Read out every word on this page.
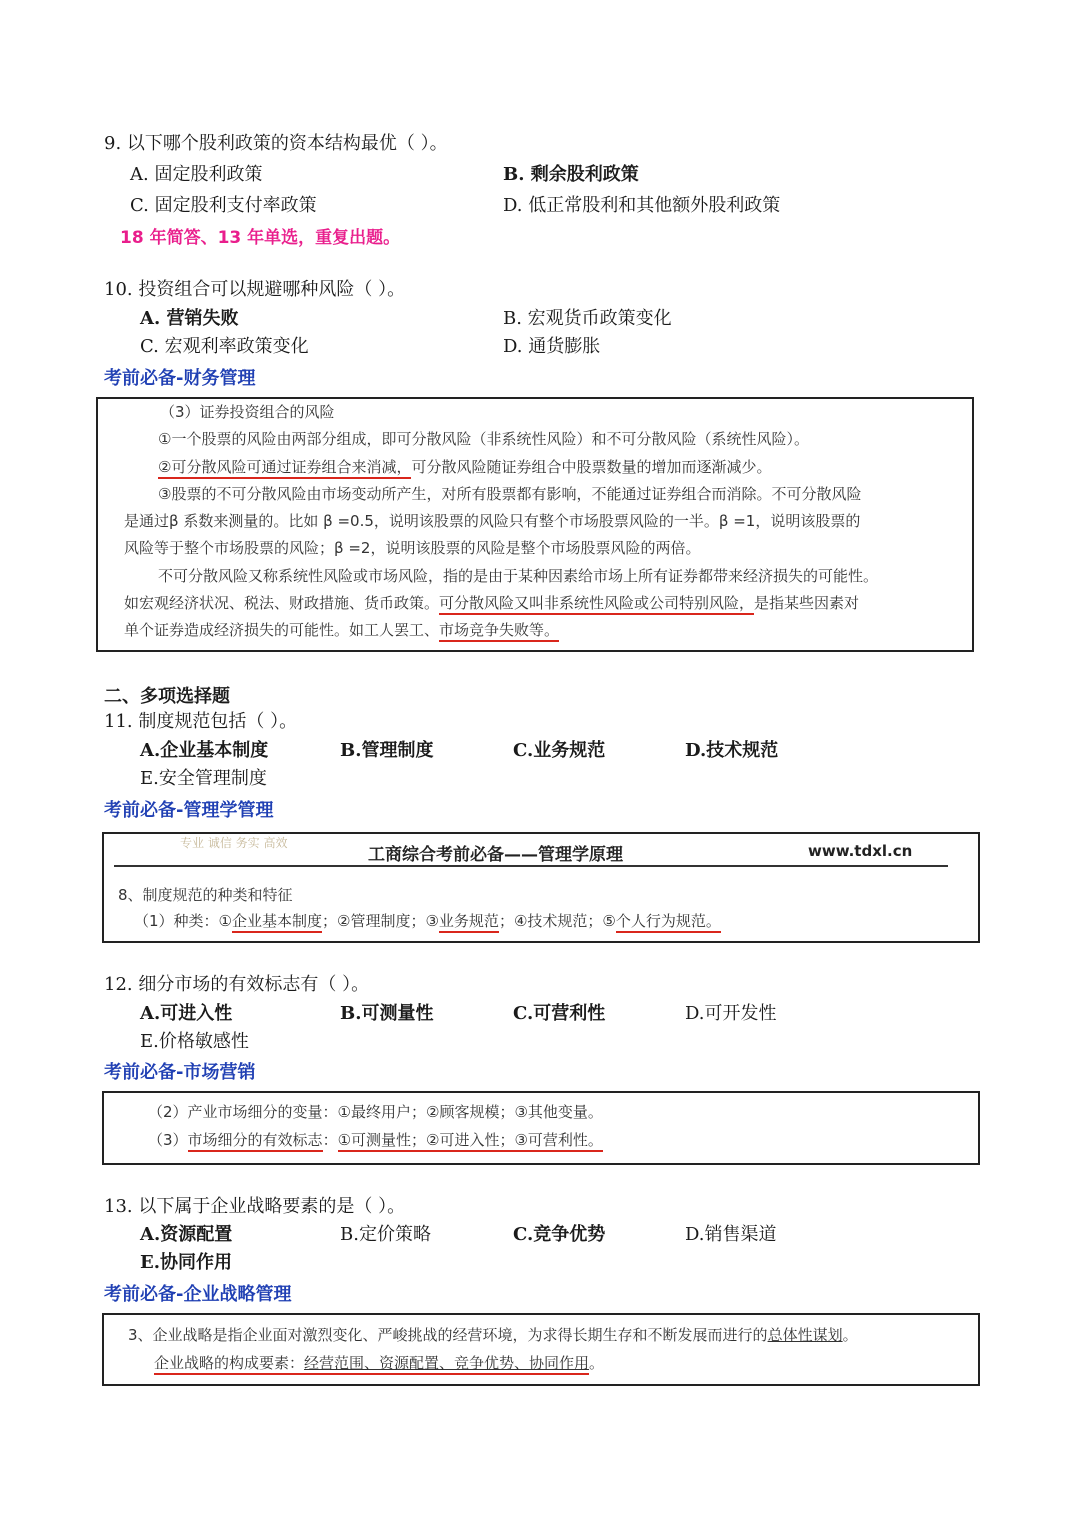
9. 以下哪个股利政策的资本结构最优（ ）。
A. 固定股利政策	B. 剩余股利政策
C. 固定股利支付率政策	D. 低正常股利和其他额外股利政策
18 年简答、13 年单选，重复出题。
10. 投资组合可以规避哪种风险（ ）。
A. 营销失败	B. 宏观货币政策变化
C. 宏观利率政策变化	D. 通货膨胀
考前必备-财务管理
（3）证券投资组合的风险
①一个股票的风险由两部分组成，即可分散风险（非系统性风险）和不可分散风险（系统性风险）。
②可分散风险可通过证券组合来消减，可分散风险随证券组合中股票数量的增加而逐渐减少。
③股票的不可分散风险由市场变动所产生，对所有股票都有影响，不能通过证券组合而消除。不可分散风险
是通过β 系数来测量的。比如 β =0.5，说明该股票的风险只有整个市场股票风险的一半。β =1，说明该股票的
风险等于整个市场股票的风险；β =2，说明该股票的风险是整个市场股票风险的两倍。
不可分散风险又称系统性风险或市场风险，指的是由于某种因素给市场上所有证券都带来经济损失的可能性。
如宏观经济状况、税法、财政措施、货币政策。可分散风险又叫非系统性风险或公司特别风险，是指某些因素对
单个证券造成经济损失的可能性。如工人罢工、市场竞争失败等。
二、多项选择题
11. 制度规范包括（ ）。
A.企业基本制度	B.管理制度	C.业务规范	D.技术规范
E.安全管理制度
考前必备-管理学管理
专业 诚信 务实 高效
工商综合考前必备——管理学原理	www.tdxl.cn
8、制度规范的种类和特征
（1）种类：①企业基本制度；②管理制度；③业务规范；④技术规范；⑤个人行为规范。
12. 细分市场的有效标志有（ ）。
A.可进入性	B.可测量性	C.可营利性	D.可开发性
E.价格敏感性
考前必备-市场营销
（2）产业市场细分的变量：①最终用户；②顾客规模；③其他变量。
（3）市场细分的有效标志：①可测量性；②可进入性；③可营利性。
13. 以下属于企业战略要素的是（ ）。
A.资源配置	B.定价策略	C.竞争优势	D.销售渠道
E.协同作用
考前必备-企业战略管理
3、企业战略是指企业面对激烈变化、严峻挑战的经营环境，为求得长期生存和不断发展而进行的总体性谋划。
企业战略的构成要素：经营范围、资源配置、竞争优势、协同作用。
